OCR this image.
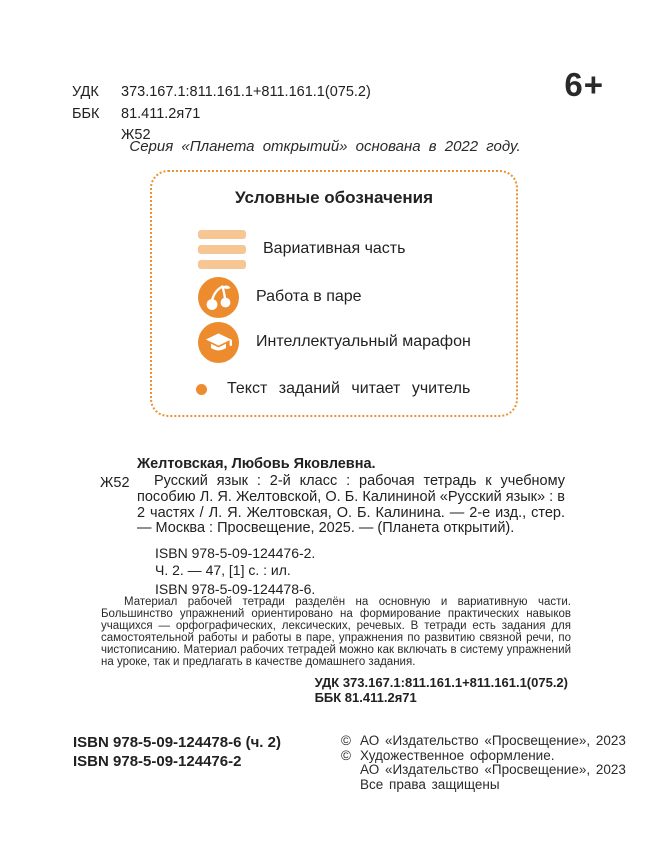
УДК	373.167.1:811.161.1+811.161.1(075.2)
ББК	81.411.2я71
Ж52
6+
Серия «Планета открытий» основана в 2022 году.
Условные обозначения
Вариативная часть
Работа в паре
Интеллектуальный марафон
Текст заданий читает учитель
Желтовская, Любовь Яковлевна.
Ж52	Русский язык : 2-й класс : рабочая тетрадь к учебному пособию Л. Я. Желтовской, О. Б. Калининой «Русский язык» : в 2 частях / Л. Я. Желтовская, О. Б. Калинина. — 2-е изд., стер. — Москва : Просвещение, 2025. — (Планета открытий).

ISBN 978-5-09-124476-2.
Ч. 2. — 47, [1] с. : ил.
ISBN 978-5-09-124478-6.

Материал рабочей тетради разделён на основную и вариативную части. Большинство упражнений ориентировано на формирование практических навыков учащихся — орфографических, лексических, речевых. В тетради есть задания для самостоятельной работы и работы в паре, упражнения по развитию связной речи, по чистописанию. Материал рабочих тетрадей можно как включать в систему упражнений на уроке, так и предлагать в качестве домашнего задания.

УДК 373.167.1:811.161.1+811.161.1(075.2)
ББК 81.411.2я71
ISBN 978-5-09-124478-6 (ч. 2)
ISBN 978-5-09-124476-2
© АО «Издательство «Просвещение», 2023
© Художественное оформление.
АО «Издательство «Просвещение», 2023
Все права защищены
